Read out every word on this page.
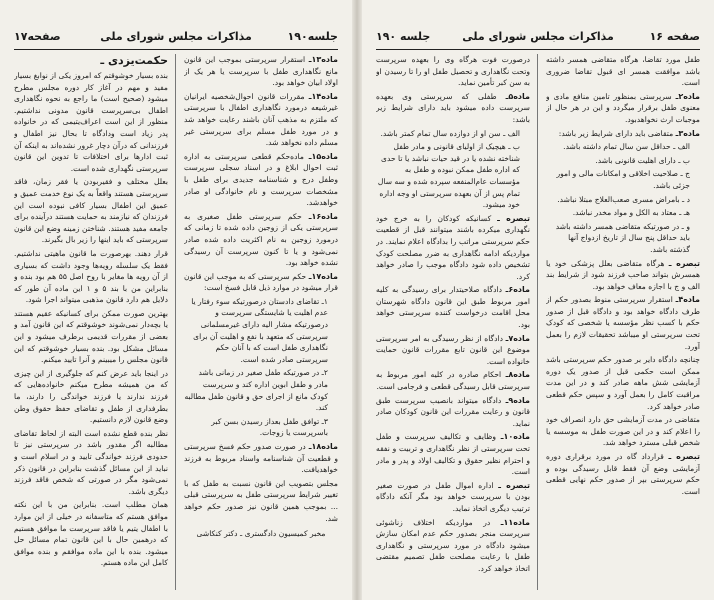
جلسه۱۹۰
مذاکرات مجلس شورای ملی
صفحه۱۷

ماده۱۳ـ استقرار سرپرستی بموجب این قانون مانع نگاهداری طفل با سرپرست یا هر یک از اولاد ابیان خواهد بود.

ماده۱۴ـ مقررات قانون احوال‌شخصیه ایرانیان غیرشیعه درمورد نگاهداری اطفال با سرپرستی که ملتزم به مذهب آنان باشند رعایت خواهد شد و در مورد طفل مسلم برای سرپرستی غیر مسلم داده نخواهد شد.

ماده۱۵ـ ماده‌حکم قطعی سرپرستی به اداره ثبت احوال ابلاغ و در اسناد سجلی سرپرست وطفل درج و شناسنامه جدیدی برای طفل با مشخصات سرپرست و نام خانوادگی او صادر خواهدشد.

ماده۱۶ـ حکم سرپرستی طفل صغیری به سرپرستی یکی از زوجین داده شده تا زمانی که درمورد زوجین به نام اکثریت داده شده صادر نمی‌شود و یا تا کنون سرپرست آن رسیدگی نشده خواهد بود.

ماده۱۷ـ حکم سرپرستی که به موجب این قانون قرار میشود در موارد ذیل قابل فسخ است:

۱ـ تقاضای دادستان درصورتیکه سوء رفتار یا عدم اهلیت یا شایستگی سرپرست و درصورتیکه مشار الیه دارای غیرمسلمانی سرپرستی که متعهد با نفع و اهلیت آن برای نگاهداری طفل است که با آنان حکم سرپرستی صادر شده است.
۲ـ در صورتیکه طفل صغیر در زمانی باشد مادر و طفل ابوین اداره کند و سرپرست کودک مانع از اجرای حق و قانون طفل مطالبه کند.
۳ـ توافق طفل بعداز رسیدن بسن کبر باسرپرست یا زوجات.

ماده۱۸ـ در صورت صدور حکم فسخ سرپرستی و قطعیت آن شناسنامه واسناد مربوط به فرزند خواهدیافت.

مجلس بتصویب این قانون نسبت به طفل که با تغییر شرایط سرپرستی طفل به سرپرستی قبلی ... بموجب همین قانون نیز صدور حکم خواهد شد.

مخبر کمیسیون دادگستری ـ دکتر کنکاشی
حکمت‌یزدی ـ

بنده بسیار خوشوقتم که امروز یکی از نوابغ بسیار مفید و مهم در آغاز کار دوره مجلس مطرح میشود (صحیح است) ما راجع به نحوه نگاهداری اطفال بی‌سرپرست قانون مدونی نداشتیم. منظور از این است اعراف‌یتیمی که در خانواده پدر زیاد است ودادگاه تا بحال نیز اطفال و فرزندانی که درآن دچار غرور نشده‌اند به اینکه آن ثبت ادارها برای اختلافات تا تدوین این قانون سرپرستی نگهداری شده است.

بعلل مختلف و فقیربودن یا فقر زمان، فاقد سرپرستی هستند واقعاً به یک نوع خدمت عمیق و عمیق این اطفال بسیار کافی نبوده است این فرزندان که نیازمند به حمایت هستند درآینده برای جامعه مفید هستند. شناختن زمینه وضع این قانون سرپرستی که باید اینها را زیر بال بگیرند.

قرار دهند. بهرصورت ما قانون ماهیتی نداشتیم. فقط یک سلسله رویه‌ها وجود داشت که بسیاری از آن رویه ها مغایر با روح اصل ۵۵ هم بود بنده و بنابراین من با بند ۵ و ۱ این ماده آن طور که دلایل هم دارد قانون مذهبی میتواند اجرا شود.

بهترین صورت ممکن برای کسانیکه عقیم هستند یا بچه‌دار نمی‌شوند خوشوقتم که این قانون آمد و بعضی از مقررات قدیمی برطرف میشود و این مسائل مشکل بود. بنده بسیار خوشوقتم که این قانون مجلس را میبینم و آنرا تایید میکنم.

در اینجا باید عرض کنم که جلوگیری از این چیزی که من همیشه مطرح میکنم خانواده‌هایی که فرزند ندارند یا فرزند خواندگی را دارند، ما بطرفداری از طفل و تقاضای حفظ حقوق وطن وضع قانون لازم دانستیم.

نظر بنده قطع نشده است البته از لحاظ تقاضای مطالبه‌ اگر مقدور باشد در سرپرستی نیز تا حدودی فرزند خواندگی تایید و در اسلام است و نباید از این مسائل گذشت بنابراین در قانون ذکر نمی‌شود مگر در صورتی‌ که شخص فاقد فرزند دیگری باشد.

همان مطلب است. بنابراین من با این نکته موافق هستم که متاسفانه در خیلی از این موارد با اطفال یتیم یا فاقد سرپرست ما موافق هستیم که درهمین حال با این قانون تمام مسائل حل میشود. بنده با این ماده موافقم و بنده موافق کامل این ماده هستم.

صفحه ۱۶
مذاکرات مجلس شورای ملی
جلسه ۱۹۰

طفل مورد تقاضا، هرگاه متقاضی همسر داشته باشد موافقت همسر ای قبول تقاضا ضروری است.

ماده۲ـ سرپرستی بمنظور تامین منافع مادی و معنوی طفل برقرار میگردد و این در هر حال از موجبات ارث نخواهدبود.

ماده۳ـ متقاضی باید دارای شرایط زیر باشد:

الف ـ حداقل سن سال تمام داشته باشد.
ب ـ دارای اهلیت قانونی باشد.
ج ـ صلاحیت اخلاقی و امکانات مالی و امور جزئی باشد.
د ـ بامراض مسری صعب‌العلاج مبتلا نباشد.
هـ ـ معتاد به الکل و مواد مخدر نباشد.
و ـ در صورتیکه متقاضی همسر داشته باشد باید حداقل پنج سال از تاریخ ازدواج آنها گذشته باشد.

تبصره ـ هرگاه متقاضی بعلل پزشکی خود یا همسرش بتواند صاحب فرزند شود از شرایط بند الف و ج با اجازه معاف خواهد بود.

ماده۴ـ استقرار سرپرستی منوط بصدور حکم از طرف دادگاه خواهد بود و دادگاه قبل از صدور حکم با کسب نظر مؤسسه یا شخصی که کودک تحت سرپرستی او میباشد تحقیقات لازم را بعمل آورد.

چنانچه دادگاه دایر بر صدور حکم سرپرستی باشد ممکن است حکمی قبل از صدور یک دوره آزمایشی شش ماهه صادر کند و در این مدت مراقبت کامل را بعمل آورد و سپس حکم قطعی صادر خواهد کرد.

متقاضی در مدت آزمایشی حق دارد انصراف خود را اعلام کند و در این صورت طفل به موسسه یا شخص قبلی مسترد خواهد شد.

تبصره ـ قرارداد گاه در مورد برقراری دوره آزمایشی وضع آن فقط قابل رسیدگی بوده و حکم سرپرستی بپر از صدور حکم نهایی قطعی است.

درصورت فوت هرگاه وی را بعهده سرپرست وتحت نگاهداری و تحصیل طفل او را تا رسیدن او به سن کبر تأمین نماید.

ماده۵ـ طفلی که سرپرستی وی بعهده سرپرست داده میشود باید دارای شرایط زیر باشد:

الف ـ سن او از دوازده سال تمام کمتر باشد.
ب ـ هیچیک از اولیای قانونی و مادر طفل شناخته نشده یا در قید حیات نباشد یا تا حدی که اداره طفل ممکن نبوده و طفل به مؤسسات عام‌المنفعه سپرده شده و سه سال تمام پس از آن بعهده سرپرستی او وجه اداره خود میشود.

تبصره ـ کسانیکه کودکان را به خرج خود نگهداری میکرده باشند میتوانند قبل از قطعیت حکم سرپرستی مراتب را بدادگاه اعلام نمایند. در مواردیکه ادامه نگاهداری به ضرر مصلحت کودک تشخیص داده شود دادگاه موجب را صادر خواهد کرد.

ماده۶ـ دادگاه صلاحیتدار برای رسیدگی به کلیه امور مربوط طبق این قانون دادگاه شهرستان محل اقامت درخواست کننده سرپرستی خواهد بود.

ماده۷ـ دادگاه از نظر رسیدگی به امر سرپرستی موضوع این قانون تابع مقررات قانون حمایت خانواده است.

ماده۸ـ احکام صادره در کلیه امور مربوط به سرپرستی قابل رسیدگی قطعی و فرجامی است.

ماده۹ـ دادگاه میتواند بانصیب سرپرست طبق قانون و رعایت مقررات این قانون کودکان صادر نماید.

ماده۱۰ـ وظایف و تکالیف سرپرست و طفل تحت سرپرستی از نظر نگاهداری و تربیت و نفقه و احترام نظیر حقوق و تکالیف اولاد و پدر و مادر است.

تبصره ـ اداره اموال طفل در صورت صغیر بودن با سرپرست خواهد بود مگر آنکه دادگاه ترتیب دیگری اتخاذ نماید.

ماده۱۱ـ در مواردیکه اختلاف زناشوئی سرپرست منجر بصدور حکم عدم امکان سازش میشود دادگاه در مورد سرپرستی و نگاهداری طفل با رعایت مصلحت طفل تصمیم مقتضی اتخاذ خواهد کرد.
